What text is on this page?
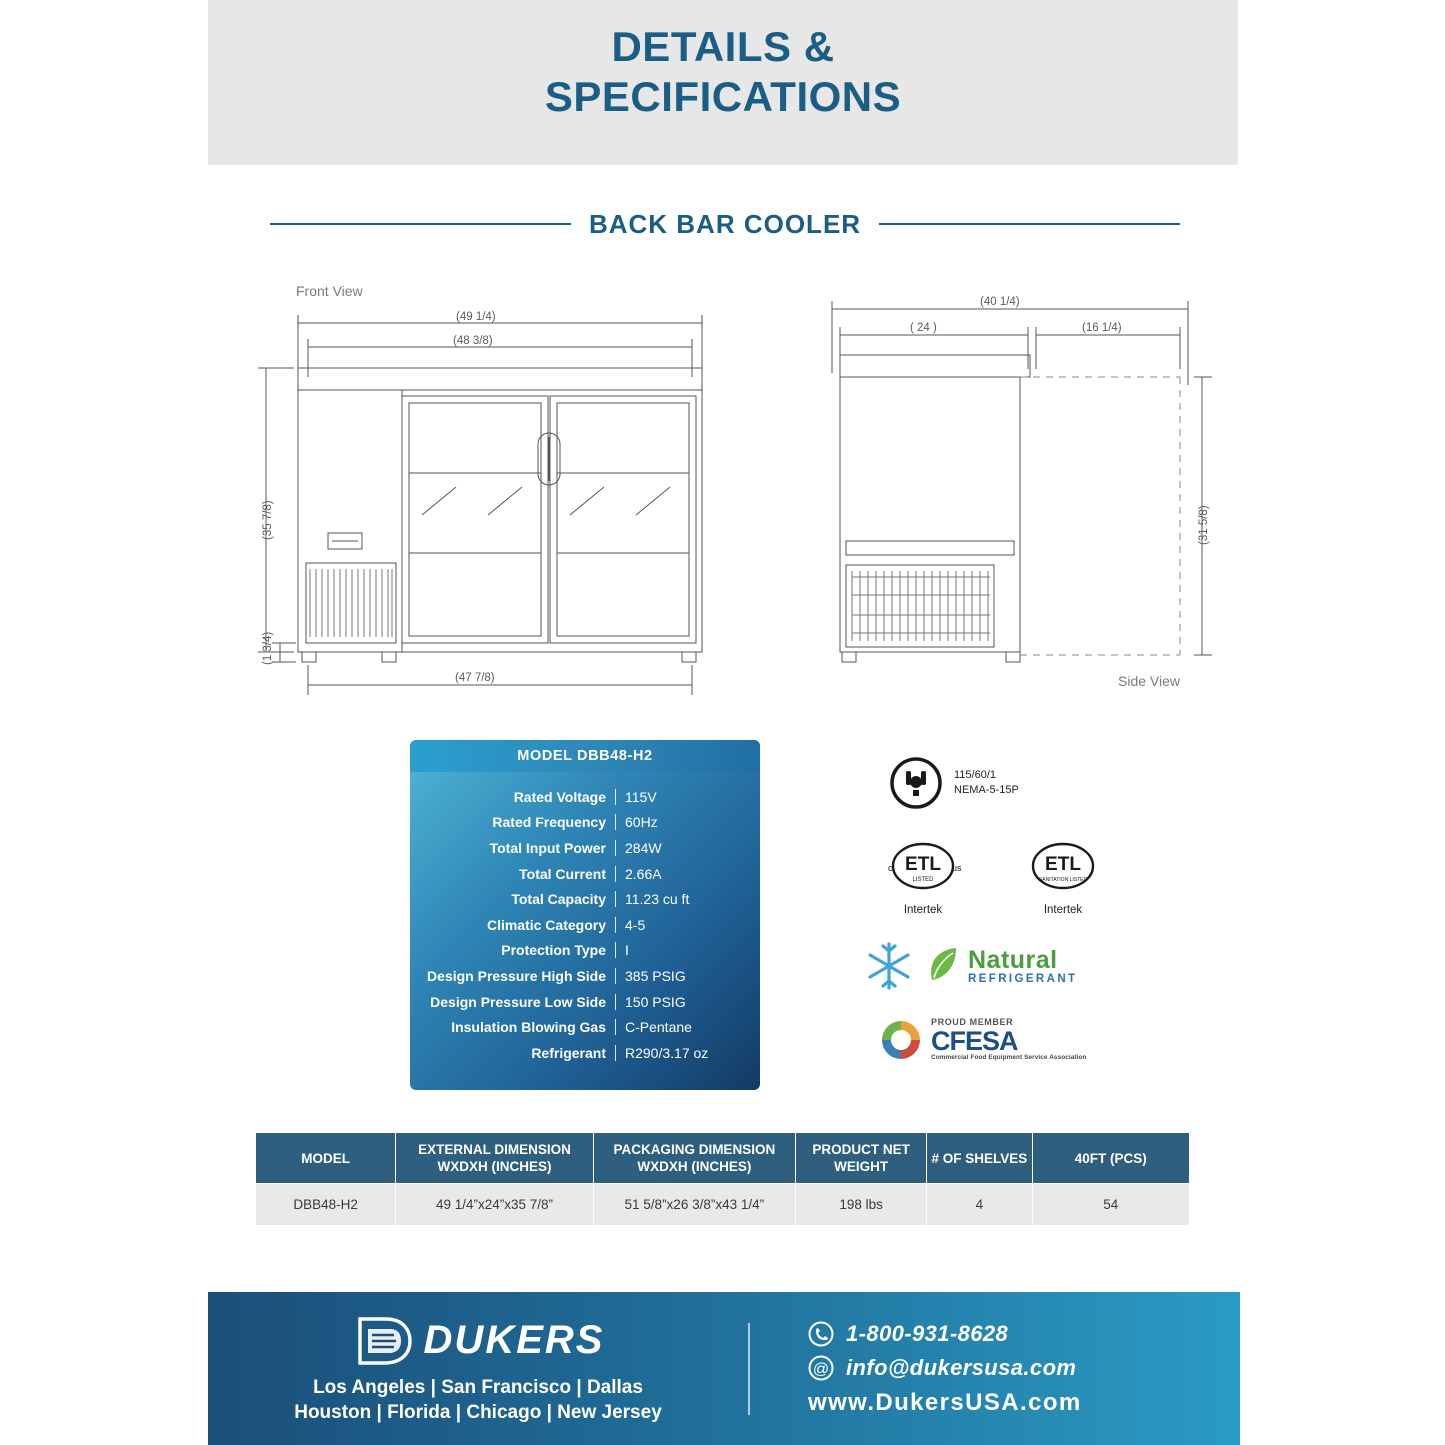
DETAILS &
SPECIFICATIONS
BACK BAR COOLER
Front View
Side View
(49 1/4)
(48 3/8)
(35 7/8)
(1 3/4)
(47 7/8)
(40 1/4)
( 24 )	(16 1/4)
(31 5/8)
MODEL DBB48-H2
Rated Voltage	115V
Rated Frequency	60Hz
Total Input Power	284W
Total Current	2.66A
Total Capacity	11.23 cu ft
Climatic Category	4-5
Protection Type	I
Design Pressure High Side	385 PSIG
Design Pressure Low Side	150 PSIG
Insulation Blowing Gas	C-Pentane
Refrigerant	R290/3.17 oz
115/60/1
NEMA-5-15P
ETL
LISTED
c	us
Intertek
ETL
SANITATION LISTED
Intertek
Natural
REFRIGERANT
PROUD MEMBER
CFESA
Commercial Food Equipment Service Association
MODEL	EXTERNAL DIMENSION WXDXH (INCHES)	PACKAGING DIMENSION WXDXH (INCHES)	PRODUCT NET WEIGHT	# OF SHELVES	40FT (PCS)
DBB48-H2	49 1/4”x24”x35 7/8”	51 5/8”x26 3/8”x43 1/4”	198 lbs	4	54
DUKERS
Los Angeles | San Francisco | Dallas
Houston | Florida | Chicago | New Jersey
1-800-931-8628
@ info@dukersusa.com
www.DukersUSA.com
